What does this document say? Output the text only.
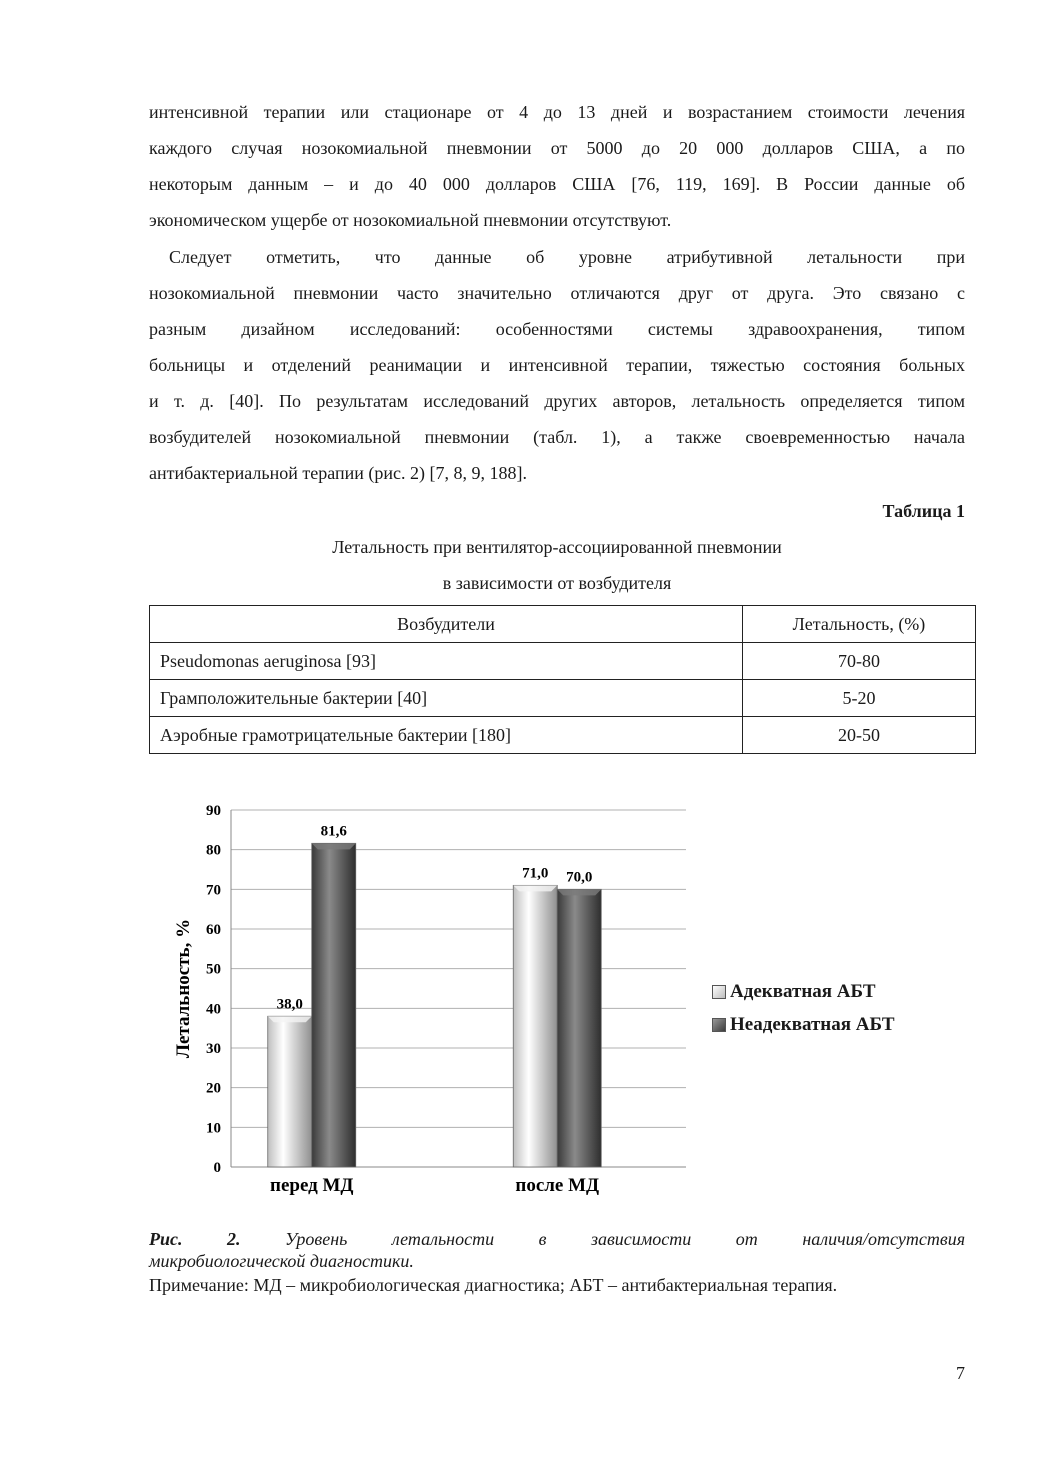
интенсивной терапии или стационаре от 4 до 13 дней и возрастанием стоимости лечения
каждого случая нозокомиальной пневмонии от 5000 до 20 000 долларов США, а по
некоторым данным – и до 40 000 долларов США [76, 119, 169]. В России данные об
экономическом ущербе от нозокомиальной пневмонии отсутствуют.
Следует отметить, что данные об уровне атрибутивной летальности при
нозокомиальной пневмонии часто значительно отличаются друг от друга. Это связано с
разным дизайном исследований: особенностями системы здравоохранения, типом
больницы и отделений реанимации и интенсивной терапии, тяжестью состояния больных
и т. д. [40]. По результатам исследований других авторов, летальность определяется типом
возбудителей нозокомиальной пневмонии (табл. 1), а также своевременностью начала
антибактериальной терапии (рис. 2) [7, 8, 9, 188].
Таблица 1
Летальность при вентилятор-ассоциированной пневмонии
в зависимости от возбудителя
Возбудители	Летальность, (%)
Pseudomonas aeruginosa [93]	70-80
Грамположительные бактерии [40]	5-20
Аэробные грамотрицательные бактерии [180]	20-50
0
10
20
30
40
50
60
70
80
90
Летальность, %	38,0
81,6
перед МД
71,0 70,0
после МД
Адекватная АБТ
Неадекватная АБТ
Рис. 2. Уровень летальности в зависимости от наличия/отсутствия
микробиологической диагностики.
Примечание: МД – микробиологическая диагностика; АБТ – антибактериальная терапия.
7
